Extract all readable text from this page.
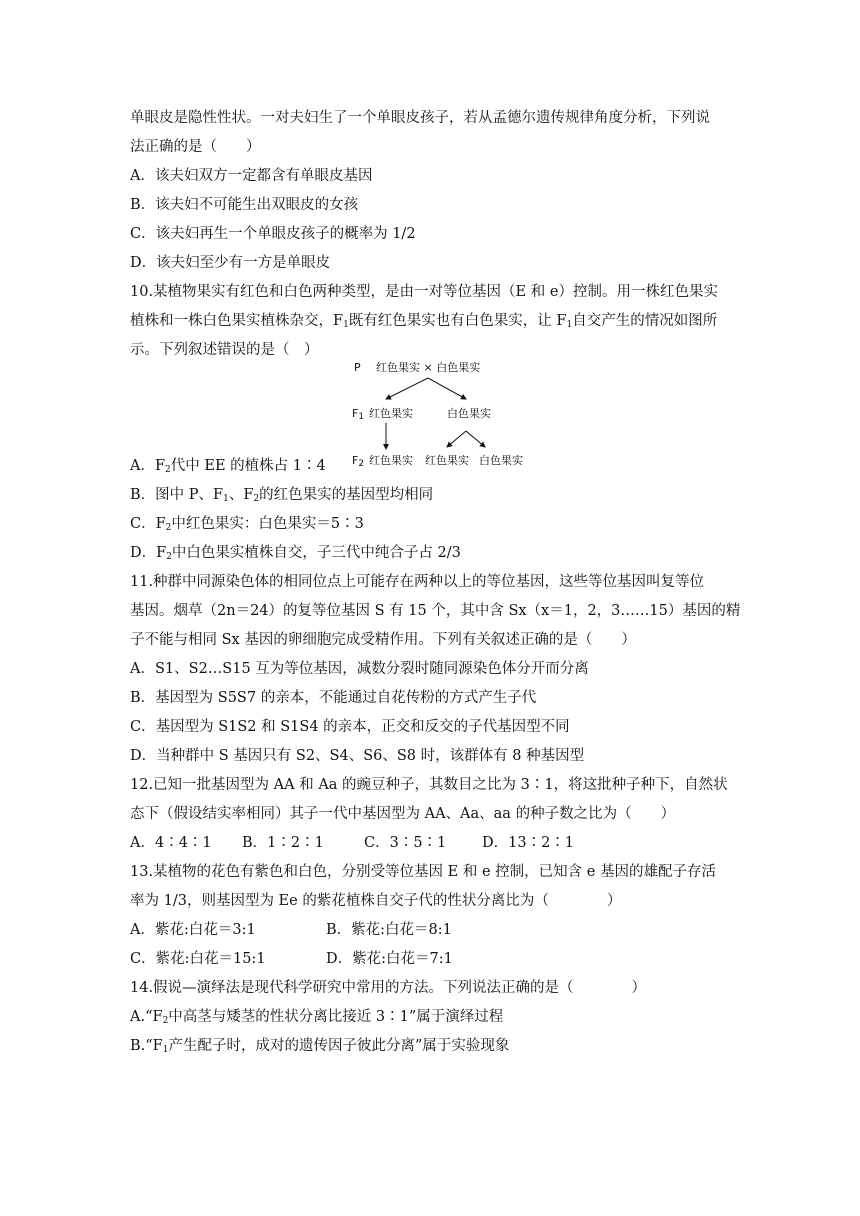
单眼皮是隐性性状。一对夫妇生了一个单眼皮孩子，若从孟德尔遗传规律角度分析，下列说
法正确的是（　　）
A．该夫妇双方一定都含有单眼皮基因
B．该夫妇不可能生出双眼皮的女孩
C．该夫妇再生一个单眼皮孩子的概率为 1/2
D．该夫妇至少有一方是单眼皮
10.某植物果实有红色和白色两种类型，是由一对等位基因（E 和 e）控制。用一株红色果实
植株和一株白色果实植株杂交，$F_1$既有红色果实也有白色果实，让 $F_1$自交产生的情况如图所
示。下列叙述错误的是（　）
A．$F_2$代中 EE 的植株占 1∶4
B．图中 P、$F_1$、$F_2$的红色果实的基因型均相同
C．$F_2$中红色果实：白色果实＝5∶3
D．$F_2$中白色果实植株自交，子三代中纯合子占 2/3
11.种群中同源染色体的相同位点上可能存在两种以上的等位基因，这些等位基因叫复等位
基因。烟草（2n＝24）的复等位基因 S 有 15 个，其中含 Sx（x＝1，2，3……15）基因的精
子不能与相同 Sx 基因的卵细胞完成受精作用。下列有关叙述正确的是（　　）
A．S1、S2…S15 互为等位基因，减数分裂时随同源染色体分开而分离
B．基因型为 S5S7 的亲本，不能通过自花传粉的方式产生子代
C．基因型为 S1S2 和 S1S4 的亲本，正交和反交的子代基因型不同
D．当种群中 S 基因只有 S2、S4、S6、S8 时，该群体有 8 种基因型
12.已知一批基因型为 AA 和 Aa 的豌豆种子，其数目之比为 3∶1，将这批种子种下，自然状
态下（假设结实率相同）其子一代中基因型为 AA、Aa、aa 的种子数之比为（　　）
A．4∶4∶1	B．1∶2∶1	C．3∶5∶1	D．13∶2∶1
13.某植物的花色有紫色和白色，分别受等位基因 E 和 e 控制，已知含 e 基因的雄配子存活
率为 1/3，则基因型为 Ee 的紫花植株自交子代的性状分离比为（　　　　）
A．紫花:白花＝3:1	B．紫花:白花＝8:1
C．紫花:白花＝15:1	D．紫花:白花＝7:1
14.假说—演绎法是现代科学研究中常用的方法。下列说法正确的是（　　　　）
$A.“F_2$中高茎与矮茎的性状分离比接近 3∶1”属于演绎过程
$B.“F_1$产生配子时，成对的遗传因子彼此分离”属于实验现象
P 红色果实 × 白色果实
$F_1$ 红色果实	白色果实
$F_2$ 红色果实 红色果实 白色果实
